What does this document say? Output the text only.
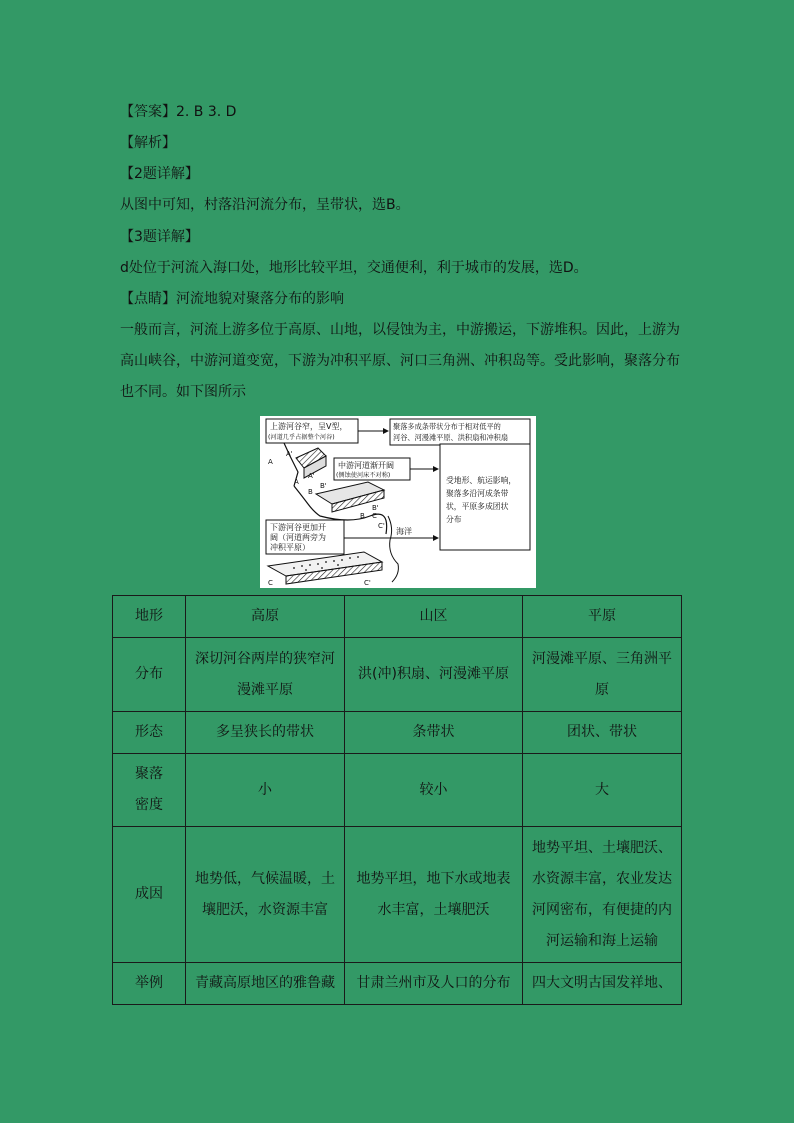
【答案】2. B 3. D
【解析】
【2题详解】
从图中可知，村落沿河流分布，呈带状，选B。
【3题详解】
d处位于河流入海口处，地形比较平坦，交通便利，利于城市的发展，选D。
【点睛】河流地貌对聚落分布的影响
一般而言，河流上游多位于高原、山地，以侵蚀为主，中游搬运，下游堆积。因此，上游为
高山峡谷，中游河道变宽，下游为冲积平原、河口三角洲、冲积岛等。受此影响，聚落分布
也不同。如下图所示
上游河谷窄，呈V型，
(河道几乎占据整个河谷)
聚落多成条带状分布于相对低平的
河谷、河漫滩平原、洪积扇和冲积扇
中游河道渐开阔
(侧蚀使河床不对称)
受地形、航运影响，
聚落多沿河成条带
状，平原多成团状
分布
海洋
下游河谷更加开
阔（河道两旁为
冲积平原）
A
A'
A
A'
B
B'
B
B'
C
C'
C	C'
地形	高原	山区	平原
分布	深切河谷两岸的狭窄河漫滩平原	洪(冲)积扇、河漫滩平原	河漫滩平原、三角洲平原
形态	多呈狭长的带状	条带状	团状、带状
聚落密度	小	较小	大
成因	地势低，气候温暖，土壤肥沃，水资源丰富	地势平坦，地下水或地表水丰富，土壤肥沃	地势平坦、土壤肥沃、水资源丰富，农业发达河网密布，有便捷的内河运输和海上运输
举例	青藏高原地区的雅鲁藏	甘肃兰州市及人口的分布	四大文明古国发祥地、
